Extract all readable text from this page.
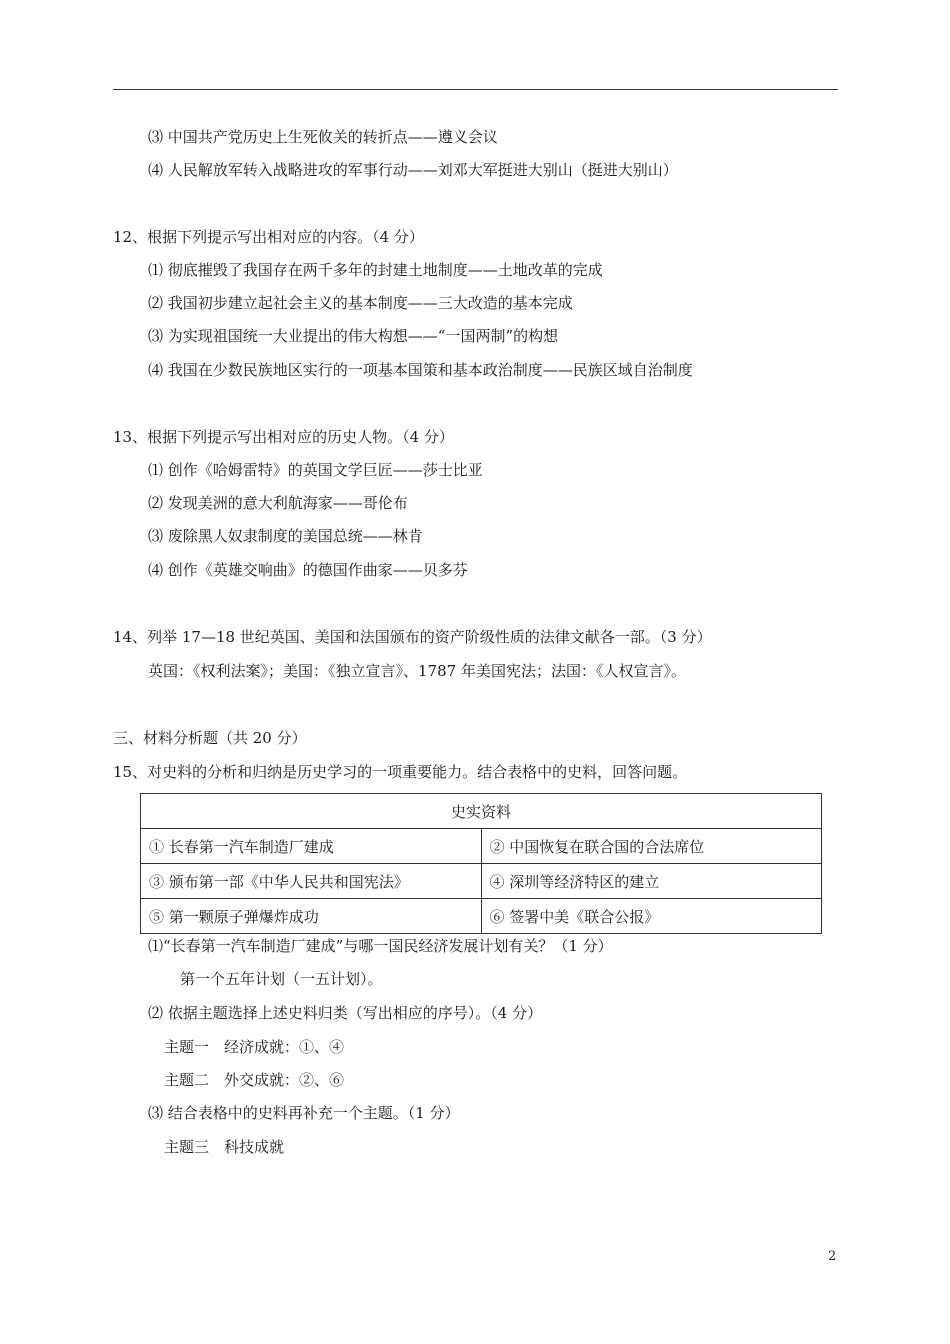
⑶ 中国共产党历史上生死攸关的转折点——遵义会议
⑷ 人民解放军转入战略进攻的军事行动——刘邓大军挺进大别山（挺进大别山）
12、根据下列提示写出相对应的内容。（4 分）
⑴ 彻底摧毁了我国存在两千多年的封建土地制度——土地改革的完成
⑵ 我国初步建立起社会主义的基本制度——三大改造的基本完成
⑶ 为实现祖国统一大业提出的伟大构想——“一国两制”的构想
⑷ 我国在少数民族地区实行的一项基本国策和基本政治制度——民族区域自治制度
13、根据下列提示写出相对应的历史人物。（4 分）
⑴ 创作《哈姆雷特》的英国文学巨匠——莎士比亚
⑵ 发现美洲的意大利航海家——哥伦布
⑶ 废除黑人奴隶制度的美国总统——林肯
⑷ 创作《英雄交响曲》的德国作曲家——贝多芬
14、列举 17—18 世纪英国、美国和法国颁布的资产阶级性质的法律文献各一部。（3 分）
英国：《权利法案》；美国：《独立宣言》、1787 年美国宪法；法国：《人权宣言》。
三、材料分析题（共 20 分）
15、对史料的分析和归纳是历史学习的一项重要能力。结合表格中的史料，回答问题。
史实资料	
① 长春第一汽车制造厂建成	② 中国恢复在联合国的合法席位
③ 颁布第一部《中华人民共和国宪法》	④ 深圳等经济特区的建立
⑤ 第一颗原子弹爆炸成功	⑥ 签署中美《联合公报》
⑴“长春第一汽车制造厂建成”与哪一国民经济发展计划有关？（1 分）
第一个五年计划（一五计划）。
⑵ 依据主题选择上述史料归类（写出相应的序号）。（4 分）
主题一　经济成就：①、④
主题二　外交成就：②、⑥
⑶ 结合表格中的史料再补充一个主题。（1 分）
主题三　科技成就
2
